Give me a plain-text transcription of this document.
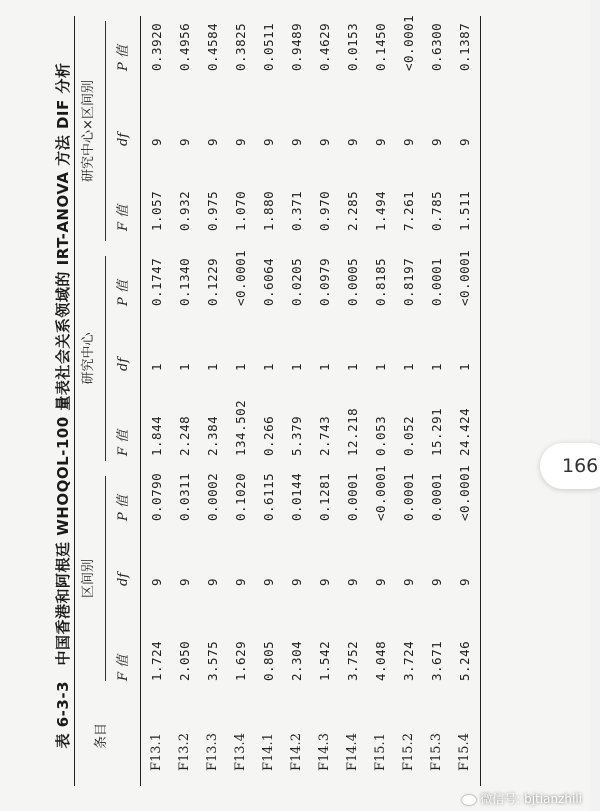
表 6-3-3　中国香港和阿根廷 WHOQOL-100 量表社会关系领域的 IRT-ANOVA 方法 DIF 分析	条目
区间别
研究中心
研究中心×区间别
F 值
df
P 值
F 值
df
P 值
F 值
df
P 值
F13.1
1.724
9
0.0790
1.844
1
0.1747
1.057
9
0.3920
F13.2
2.050
9
0.0311
2.248
1
0.1340
0.932
9
0.4956
F13.3
3.575
9
0.0002
2.384
1
0.1229
0.975
9
0.4584
F13.4
1.629
9
0.1020
134.502
1
<0.0001
1.070
9
0.3825
F14.1
0.805
9
0.6115
0.266
1
0.6064
1.880
9
0.0511
F14.2
2.304
9
0.0144
5.379
1
0.0205
0.371
9
0.9489
F14.3
1.542
9
0.1281
2.743
1
0.0979
0.970
9
0.4629
F14.4
3.752
9
0.0001
12.218
1
0.0005
2.285
9
0.0153
F15.1
4.048
9
<0.0001
0.053
1
0.8185
1.494
9
0.1450
F15.2
3.724
9
0.0001
0.052
1
0.8197
7.261
9
<0.0001
F15.3
3.671
9
0.0001
15.291
1
0.0001
0.785
9
0.6300
F15.4
5.246
9
<0.0001
24.424
1
<0.0001
1.511
9
0.1387
166
微信号: bjtianzhili
